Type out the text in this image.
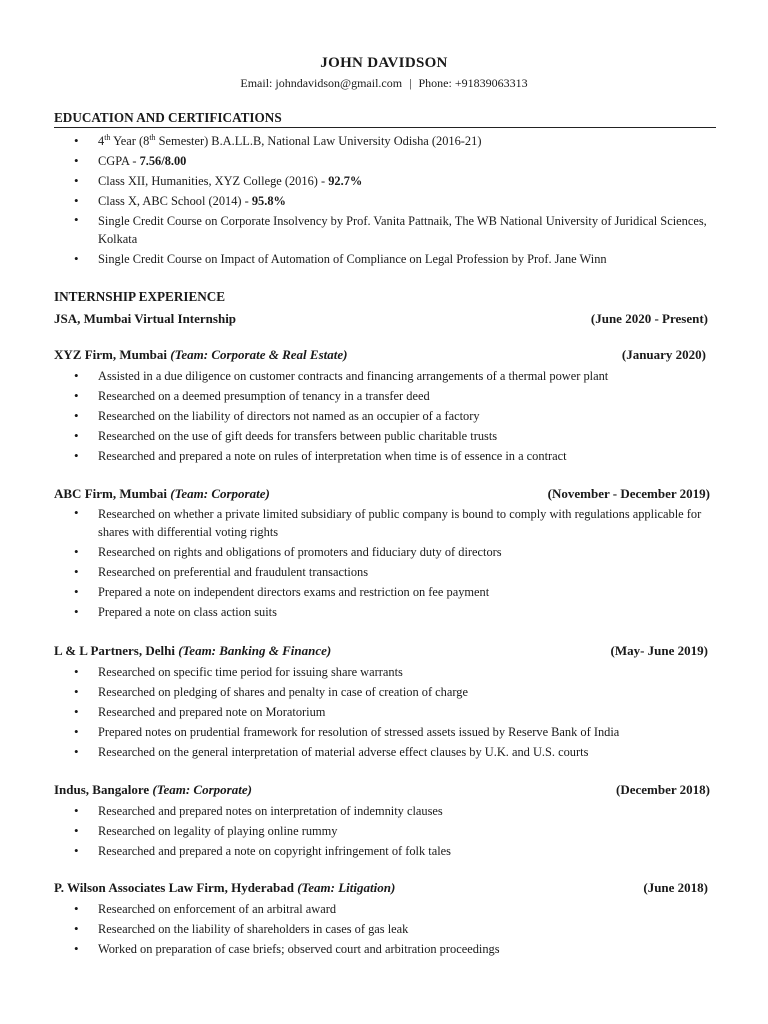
JOHN DAVIDSON
Email: johndavidson@gmail.com | Phone: +91839063313
EDUCATION AND CERTIFICATIONS
• 4th Year (8th Semester) B.A.LL.B, National Law University Odisha (2016-21)
• CGPA - 7.56/8.00
• Class XII, Humanities, XYZ College (2016) - 92.7%
• Class X, ABC School (2014) - 95.8%
• Single Credit Course on Corporate Insolvency by Prof. Vanita Pattnaik, The WB National University of Juridical Sciences, Kolkata
• Single Credit Course on Impact of Automation of Compliance on Legal Profession by Prof. Jane Winn
INTERNSHIP EXPERIENCE
JSA, Mumbai Virtual Internship	(June 2020 - Present)
XYZ Firm, Mumbai (Team: Corporate & Real Estate)	(January 2020)
• Assisted in a due diligence on customer contracts and financing arrangements of a thermal power plant
• Researched on a deemed presumption of tenancy in a transfer deed
• Researched on the liability of directors not named as an occupier of a factory
• Researched on the use of gift deeds for transfers between public charitable trusts
• Researched and prepared a note on rules of interpretation when time is of essence in a contract
ABC Firm, Mumbai (Team: Corporate)	(November - December 2019)
• Researched on whether a private limited subsidiary of public company is bound to comply with regulations applicable for shares with differential voting rights
• Researched on rights and obligations of promoters and fiduciary duty of directors
• Researched on preferential and fraudulent transactions
• Prepared a note on independent directors exams and restriction on fee payment
• Prepared a note on class action suits
L & L Partners, Delhi (Team: Banking & Finance)	(May- June 2019)
• Researched on specific time period for issuing share warrants
• Researched on pledging of shares and penalty in case of creation of charge
• Researched and prepared note on Moratorium
• Prepared notes on prudential framework for resolution of stressed assets issued by Reserve Bank of India
• Researched on the general interpretation of material adverse effect clauses by U.K. and U.S. courts
Indus, Bangalore (Team: Corporate)	(December 2018)
• Researched and prepared notes on interpretation of indemnity clauses
• Researched on legality of playing online rummy
• Researched and prepared a note on copyright infringement of folk tales
P. Wilson Associates Law Firm, Hyderabad (Team: Litigation)	(June 2018)
• Researched on enforcement of an arbitral award
• Researched on the liability of shareholders in cases of gas leak
• Worked on preparation of case briefs; observed court and arbitration proceedings
